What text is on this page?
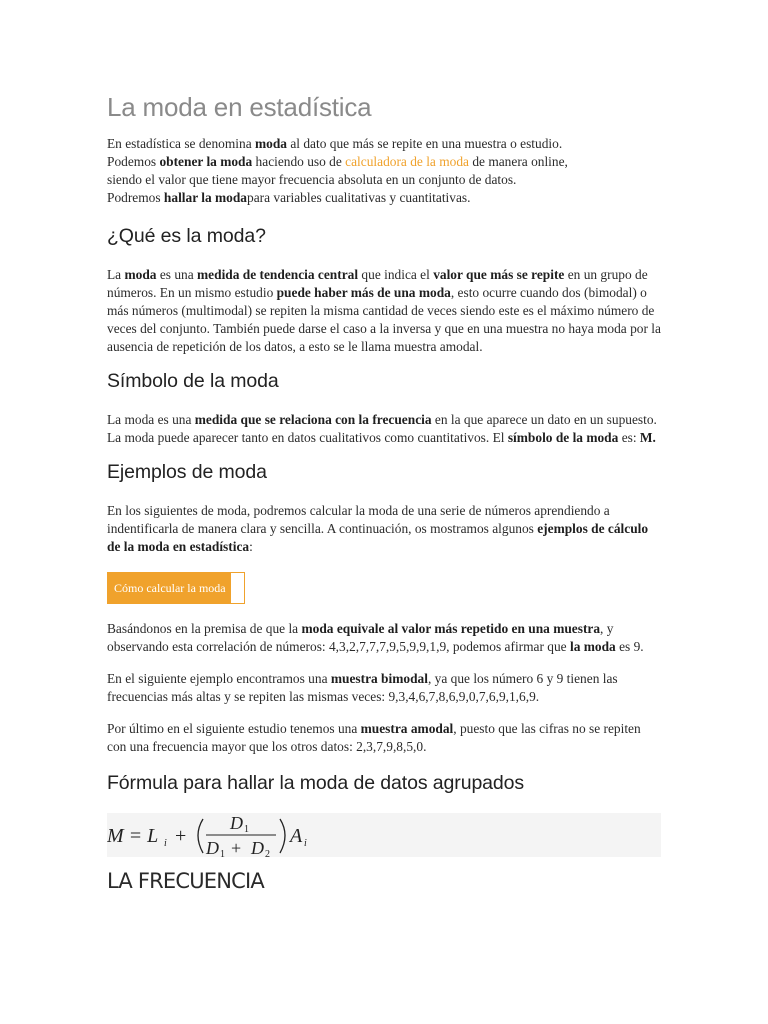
La moda en estadística

En estadística se denomina moda al dato que más se repite en una muestra o estudio.
Podemos obtener la moda haciendo uso de calculadora de la moda de manera online,
siendo el valor que tiene mayor frecuencia absoluta en un conjunto de datos.
Podremos hallar la modapara variables cualitativas y cuantitativas.

¿Qué es la moda?

La moda es una medida de tendencia central que indica el valor que más se repite en un grupo de números. En un mismo estudio puede haber más de una moda, esto ocurre cuando dos (bimodal) o más números (multimodal) se repiten la misma cantidad de veces siendo este es el máximo número de veces del conjunto. También puede darse el caso a la inversa y que en una muestra no haya moda por la ausencia de repetición de los datos, a esto se le llama muestra amodal.

Símbolo de la moda

La moda es una medida que se relaciona con la frecuencia en la que aparece un dato en un supuesto. La moda puede aparecer tanto en datos cualitativos como cuantitativos. El símbolo de la moda es: M.

Ejemplos de moda

En los siguientes de moda, podremos calcular la moda de una serie de números aprendiendo a indentificarla de manera clara y sencilla. A continuación, os mostramos algunos ejemplos de cálculo de la moda en estadística:

Cómo calcular la moda

Basándonos en la premisa de que la moda equivale al valor más repetido en una muestra, y observando esta correlación de números: 4,3,2,7,7,7,9,5,9,9,1,9, podemos afirmar que la moda es 9.

En el siguiente ejemplo encontramos una muestra bimodal, ya que los número 6 y 9 tienen las frecuencias más altas y se repiten las mismas veces: 9,3,4,6,7,8,6,9,0,7,6,9,1,6,9.

Por último en el siguiente estudio tenemos una muestra amodal, puesto que las cifras no se repiten con una frecuencia mayor que los otros datos: 2,3,7,9,8,5,0.

Fórmula para hallar la moda de datos agrupados
M = L i +
D 1
D 1 + D 2
A i
LA FRECUENCIA
